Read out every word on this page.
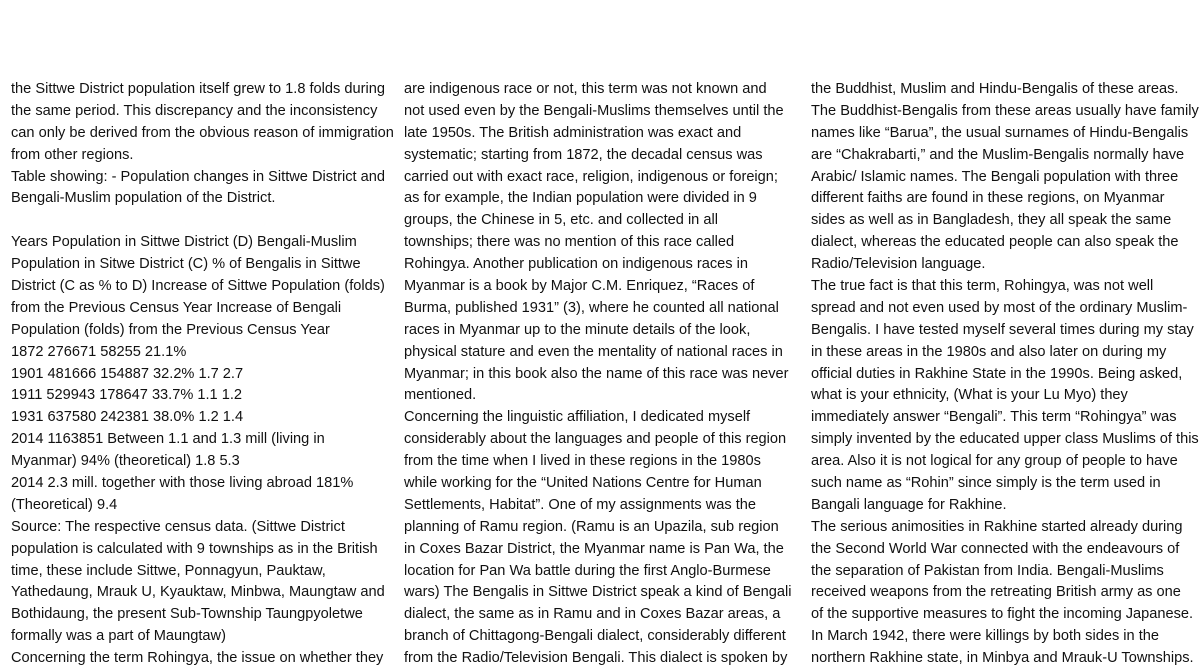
the Sittwe District population itself grew to 1.8 folds during
the same period. This discrepancy and the inconsistency
can only be derived from the obvious reason of immigration
from other regions.
Table showing: - Population changes in Sittwe District and
Bengali-Muslim population of the District.
Years Population in Sittwe District (D) Bengali-Muslim
Population in Sitwe District (C) % of Bengalis in Sittwe
District (C as % to D) Increase of Sittwe Population (folds)
from the Previous Census Year Increase of Bengali
Population (folds) from the Previous Census Year
1872 276671 58255 21.1%
1901 481666 154887 32.2% 1.7 2.7
1911 529943 178647 33.7% 1.1 1.2
1931 637580 242381 38.0% 1.2 1.4
2014 1163851 Between 1.1 and 1.3 mill (living in
Myanmar) 94% (theoretical) 1.8 5.3
2014 2.3 mill. together with those living abroad 181%
(Theoretical) 9.4
Source: The respective census data. (Sittwe District
population is calculated with 9 townships as in the British
time, these include Sittwe, Ponnagyun, Pauktaw,
Yathedaung, Mrauk U, Kyauktaw, Minbwa, Maungtaw and
Bothidaung, the present Sub-Township Taungpyoletwe
formally was a part of Maungtaw)
Concerning the term Rohingya, the issue on whether they
are indigenous race or not, this term was not known and
not used even by the Bengali-Muslims themselves until the
late 1950s. The British administration was exact and
systematic; starting from 1872, the decadal census was
carried out with exact race, religion, indigenous or foreign;
as for example, the Indian population were divided in 9
groups, the Chinese in 5, etc. and collected in all
townships; there was no mention of this race called
Rohingya. Another publication on indigenous races in
Myanmar is a book by Major C.M. Enriquez, “Races of
Burma, published 1931” (3), where he counted all national
races in Myanmar up to the minute details of the look,
physical stature and even the mentality of national races in
Myanmar; in this book also the name of this race was never
mentioned.
Concerning the linguistic affiliation, I dedicated myself
considerably about the languages and people of this region
from the time when I lived in these regions in the 1980s
while working for the “United Nations Centre for Human
Settlements, Habitat”. One of my assignments was the
planning of Ramu region. (Ramu is an Upazila, sub region
in Coxes Bazar District, the Myanmar name is Pan Wa, the
location for Pan Wa battle during the first Anglo-Burmese
wars) The Bengalis in Sittwe District speak a kind of Bengali
dialect, the same as in Ramu and in Coxes Bazar areas, a
branch of Chittagong-Bengali dialect, considerably different
from the Radio/Television Bengali. This dialect is spoken by
the Buddhist, Muslim and Hindu-Bengalis of these areas.
The Buddhist-Bengalis from these areas usually have family
names like “Barua”, the usual surnames of Hindu-Bengalis
are “Chakrabarti,” and the Muslim-Bengalis normally have
Arabic/ Islamic names. The Bengali population with three
different faiths are found in these regions, on Myanmar
sides as well as in Bangladesh, they all speak the same
dialect, whereas the educated people can also speak the
Radio/Television language.
The true fact is that this term, Rohingya, was not well
spread and not even used by most of the ordinary Muslim-
Bengalis. I have tested myself several times during my stay
in these areas in the 1980s and also later on during my
official duties in Rakhine State in the 1990s. Being asked,
what is your ethnicity, (What is your Lu Myo) they
immediately answer “Bengali”. This term “Rohingya” was
simply invented by the educated upper class Muslims of this
area. Also it is not logical for any group of people to have
such name as “Rohin” since simply is the term used in
Bangali language for Rakhine.
The serious animosities in Rakhine started already during
the Second World War connected with the endeavours of
the separation of Pakistan from India. Bengali-Muslims
received weapons from the retreating British army as one
of the supportive measures to fight the incoming Japanese.
In March 1942, there were killings by both sides in the
northern Rakhine state, in Minbya and Mrauk-U Townships.
